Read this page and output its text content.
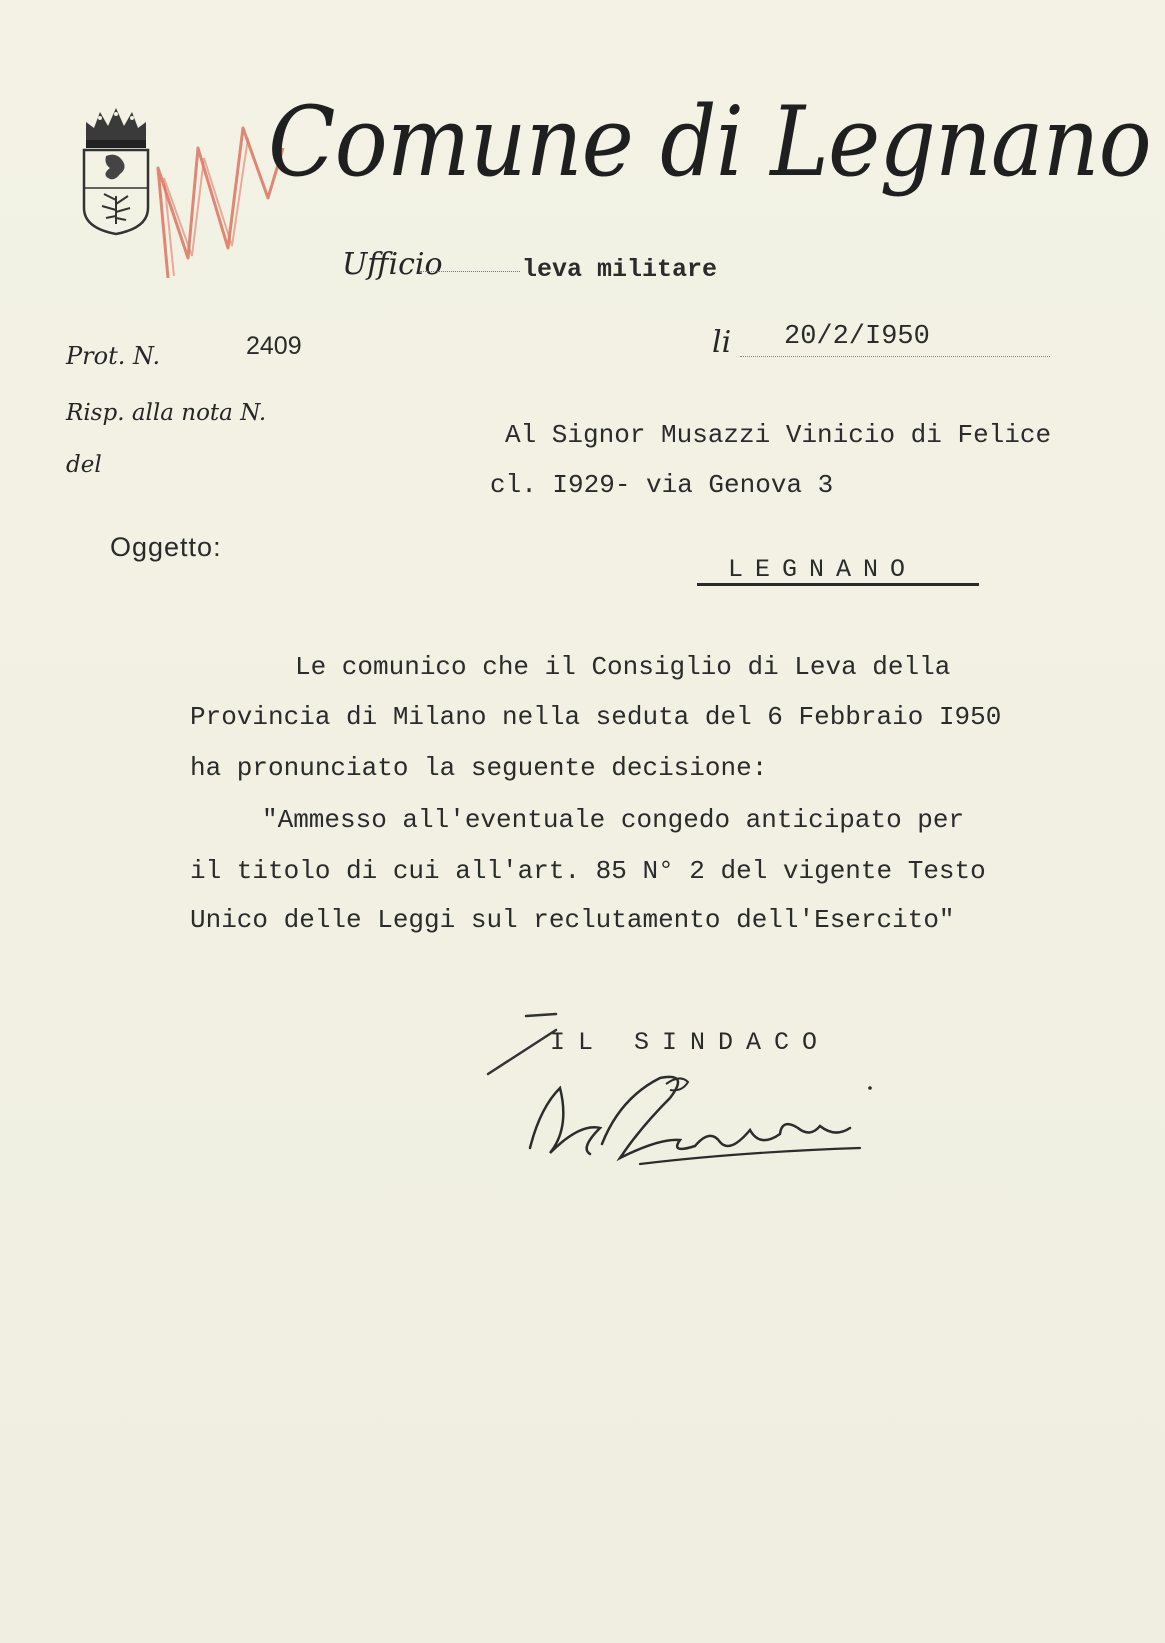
Comune di Legnano
Ufficio	leva militare
li 20/2/I950
Prot. N.	2409
Risp. alla nota N.
del
Al Signor Musazzi Vinicio di Felice
cl. I929- via Genova 3
Oggetto:
LEGNANO
Le comunico che il Consiglio di Leva della
Provincia di Milano nella seduta del 6 Febbraio I950
ha pronunciato la seguente decisione:
"Ammesso all'eventuale congedo anticipato per
il titolo di cui all'art. 85 N° 2 del vigente Testo
Unico delle Leggi sul reclutamento dell'Esercito"
IL SINDACO
